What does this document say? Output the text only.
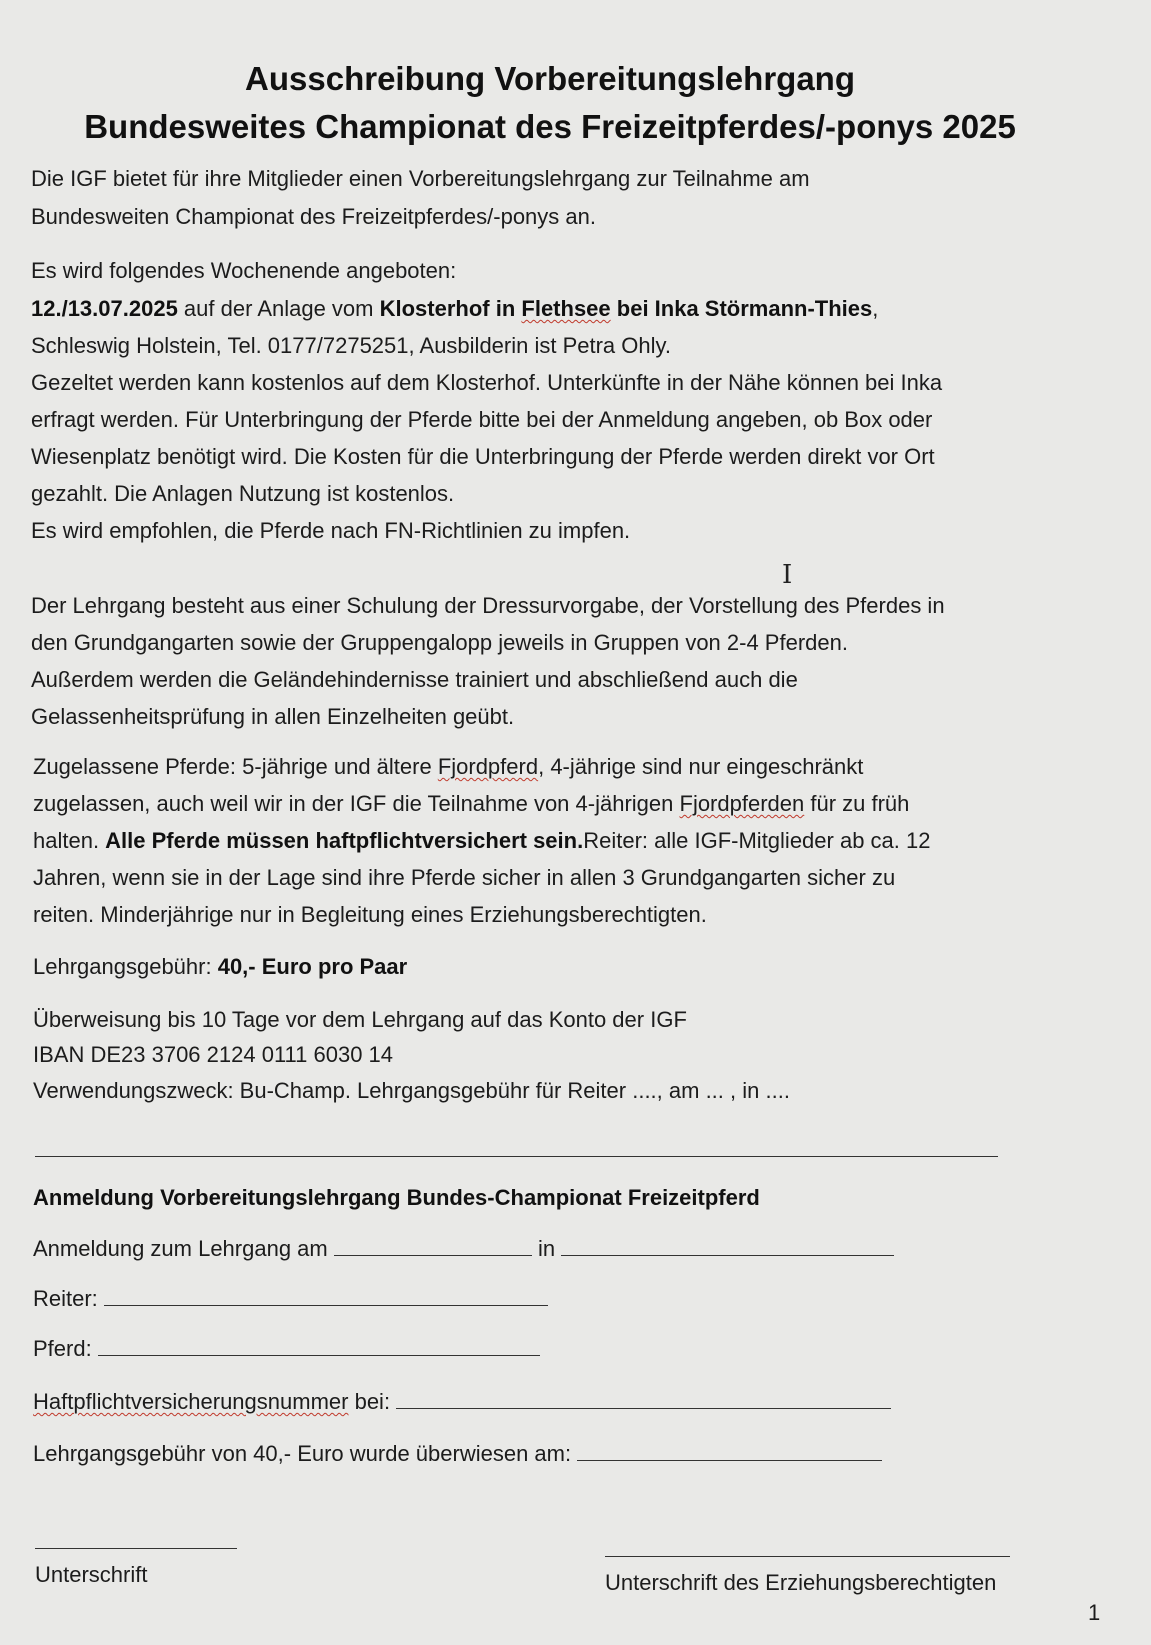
Ausschreibung Vorbereitungslehrgang
Bundesweites Championat des Freizeitpferdes/-ponys 2025
Die IGF bietet für ihre Mitglieder einen Vorbereitungslehrgang zur Teilnahme am
Bundesweiten Championat des Freizeitpferdes/-ponys an.
Es wird folgendes Wochenende angeboten:
12./13.07.2025 auf der Anlage vom Klosterhof in Flethsee bei Inka Störmann-Thies,
Schleswig Holstein, Tel. 0177/7275251, Ausbilderin ist Petra Ohly.
Gezeltet werden kann kostenlos auf dem Klosterhof. Unterkünfte in der Nähe können bei Inka
erfragt werden. Für Unterbringung der Pferde bitte bei der Anmeldung angeben, ob Box oder
Wiesenplatz benötigt wird. Die Kosten für die Unterbringung der Pferde werden direkt vor Ort
gezahlt. Die Anlagen Nutzung ist kostenlos.
Es wird empfohlen, die Pferde nach FN-Richtlinien zu impfen.
I
Der Lehrgang besteht aus einer Schulung der Dressurvorgabe, der Vorstellung des Pferdes in
den Grundgangarten sowie der Gruppengalopp jeweils in Gruppen von 2-4 Pferden.
Außerdem werden die Geländehindernisse trainiert und abschließend auch die
Gelassenheitsprüfung in allen Einzelheiten geübt.
Zugelassene Pferde: 5-jährige und ältere Fjordpferd, 4-jährige sind nur eingeschränkt
zugelassen, auch weil wir in der IGF die Teilnahme von 4-jährigen Fjordpferden für zu früh
halten. Alle Pferde müssen haftpflichtversichert sein.Reiter: alle IGF-Mitglieder ab ca. 12
Jahren, wenn sie in der Lage sind ihre Pferde sicher in allen 3 Grundgangarten sicher zu
reiten. Minderjährige nur in Begleitung eines Erziehungsberechtigten.
Lehrgangsgebühr: 40,- Euro pro Paar
Überweisung bis 10 Tage vor dem Lehrgang auf das Konto der IGF
IBAN DE23 3706 2124 0111 6030 14
Verwendungszweck: Bu-Champ. Lehrgangsgebühr für Reiter ...., am ... , in ....
Anmeldung Vorbereitungslehrgang Bundes-Championat Freizeitpferd
Anmeldung zum Lehrgang am	in
Reiter:
Pferd:
Haftpflichtversicherungsnummer bei:
Lehrgangsgebühr von 40,- Euro wurde überwiesen am:
Unterschrift	Unterschrift des Erziehungsberechtigten
1
